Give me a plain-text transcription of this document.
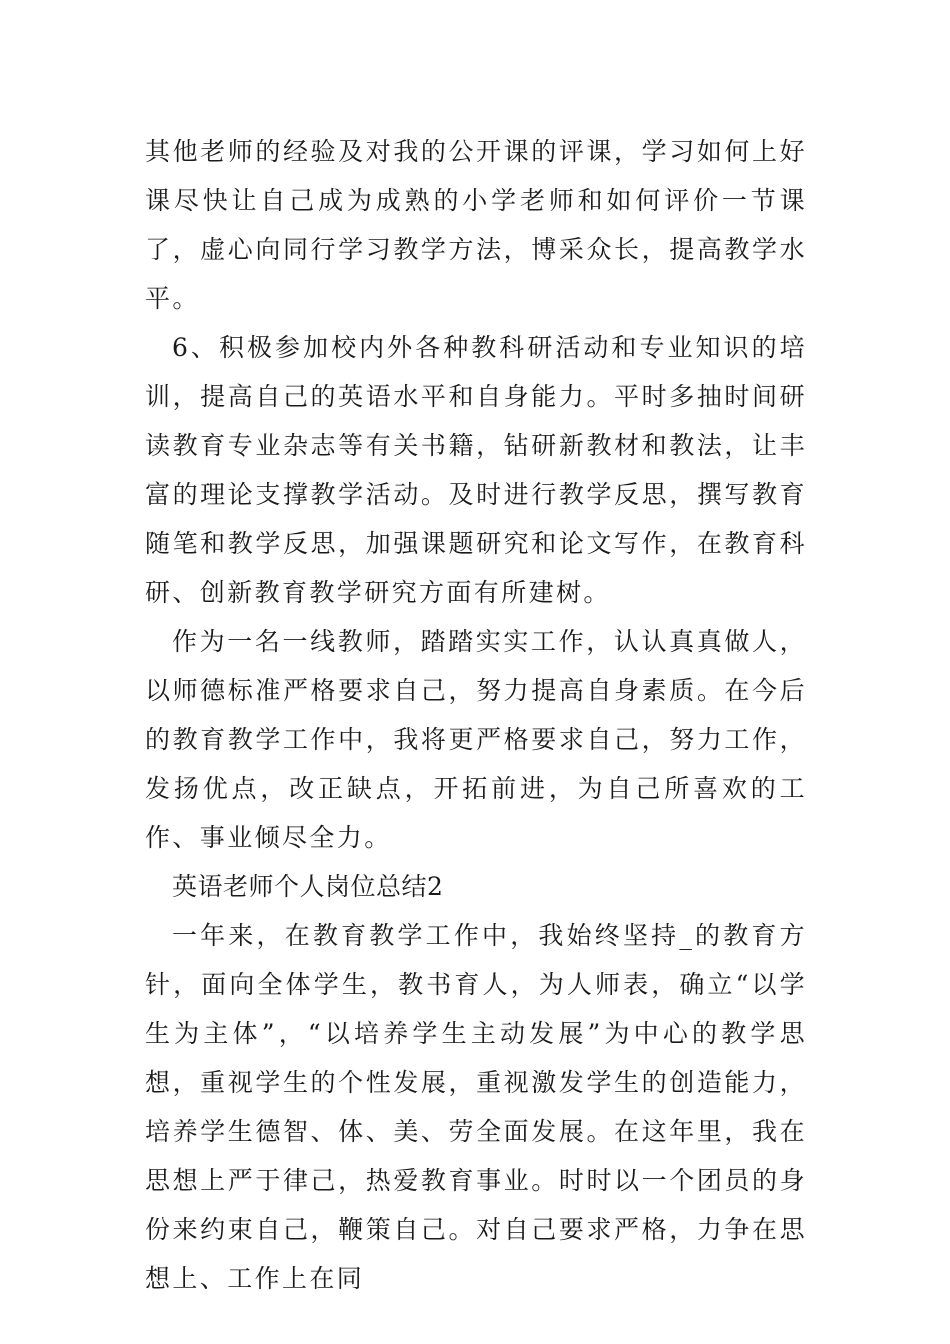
其他老师的经验及对我的公开课的评课，学习如何上好课尽快让自己成为成熟的小学老师和如何评价一节课了，虚心向同行学习教学方法，博采众长，提高教学水平。

6、积极参加校内外各种教科研活动和专业知识的培训，提高自己的英语水平和自身能力。平时多抽时间研读教育专业杂志等有关书籍，钻研新教材和教法，让丰富的理论支撑教学活动。及时进行教学反思，撰写教育随笔和教学反思，加强课题研究和论文写作，在教育科研、创新教育教学研究方面有所建树。

作为一名一线教师，踏踏实实工作，认认真真做人，以师德标准严格要求自己，努力提高自身素质。在今后的教育教学工作中，我将更严格要求自己，努力工作，发扬优点，改正缺点，开拓前进，为自己所喜欢的工作、事业倾尽全力。

英语老师个人岗位总结2

一年来，在教育教学工作中，我始终坚持_的教育方针，面向全体学生，教书育人，为人师表，确立“以学生为主体”，“以培养学生主动发展”为中心的教学思想，重视学生的个性发展，重视激发学生的创造能力，培养学生德智、体、美、劳全面发展。在这年里，我在思想上严于律己，热爱教育事业。时时以一个团员的身份来约束自己，鞭策自己。对自己要求严格，力争在思想上、工作上在同
